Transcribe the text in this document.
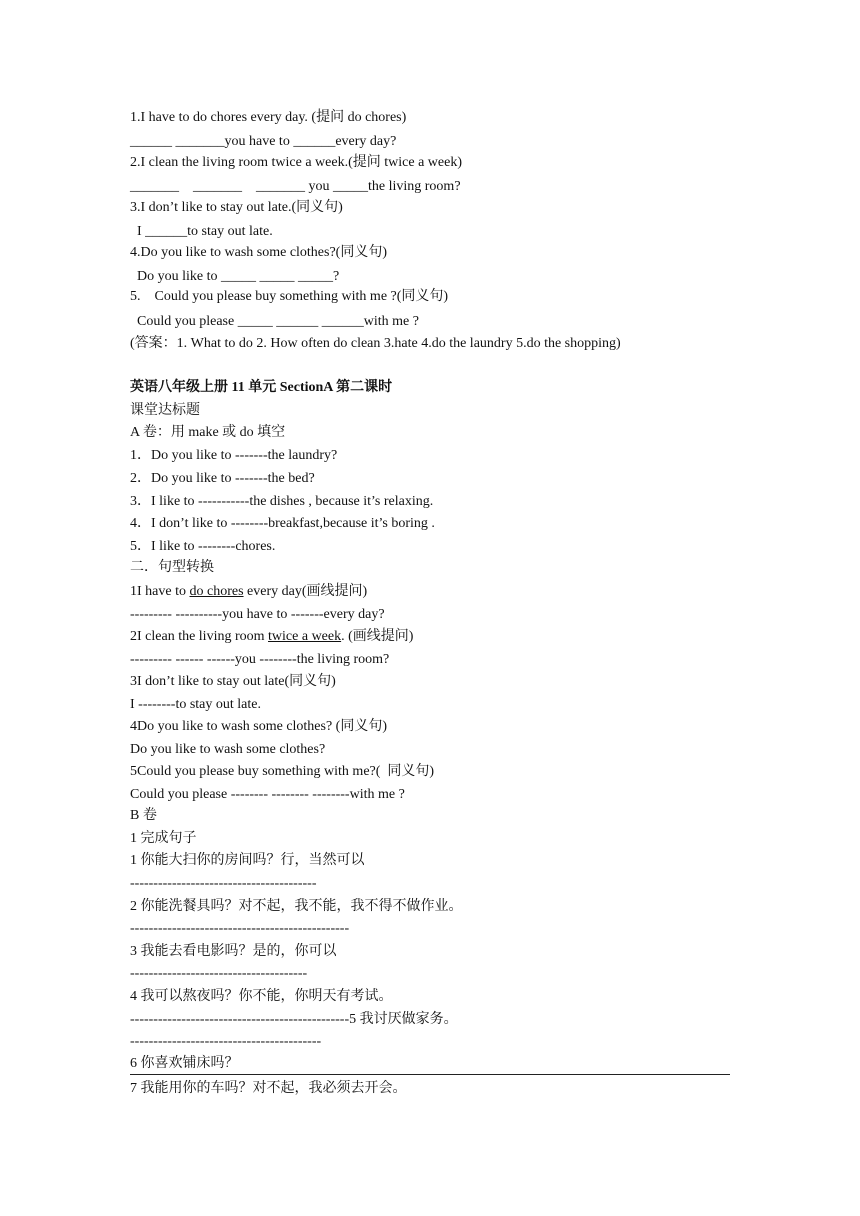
1.I have to do chores every day. (提问 do chores)
______ _______you have to ______every day?
2.I clean the living room twice a week.(提问 twice a week)
_______    _______    _______ you _____the living room?
3.I don’t like to stay out late.(同义句)
I ______to stay out late.
4.Do you like to wash some clothes?(同义句)
Do you like to _____ _____ _____?
5.    Could you please buy something with me ?(同义句)
Could you please _____ ______ ______with me ?
(答案：1. What to do 2. How often do clean 3.hate 4.do the laundry 5.do the shopping)
英语八年级上册 11 单元 SectionA 第二课时
课堂达标题
A 卷：用 make 或 do 填空
1．Do you like to -------the laundry?
2．Do you like to -------the bed?
3．I like to -----------the dishes , because it’s relaxing.
4．I don’t like to --------breakfast,because it’s boring .
5．I like to --------chores.
二．句型转换
1I have to do chores every day(画线提问)
--------- ----------you have to -------every day?
2I clean the living room twice a week. (画线提问)
--------- ------ ------you --------the living room?
3I don’t like to stay out late(同义句)
I --------to stay out late.
4Do you like to wash some clothes? (同义句)
Do you like to wash some clothes?
5Could you please buy something with me?(  同义句)
Could you please -------- -------- --------with me ?
B 卷
1 完成句子
1 你能大扫你的房间吗？行，当然可以
----------------------------------------
2 你能洗餐具吗？对不起，我不能，我不得不做作业。
-----------------------------------------------
3 我能去看电影吗？是的，你可以
--------------------------------------
4 我可以熬夜吗？你不能，你明天有考试。
-----------------------------------------------5 我讨厌做家务。
-----------------------------------------
6 你喜欢铺床吗？
7 我能用你的车吗？对不起，我必须去开会。
